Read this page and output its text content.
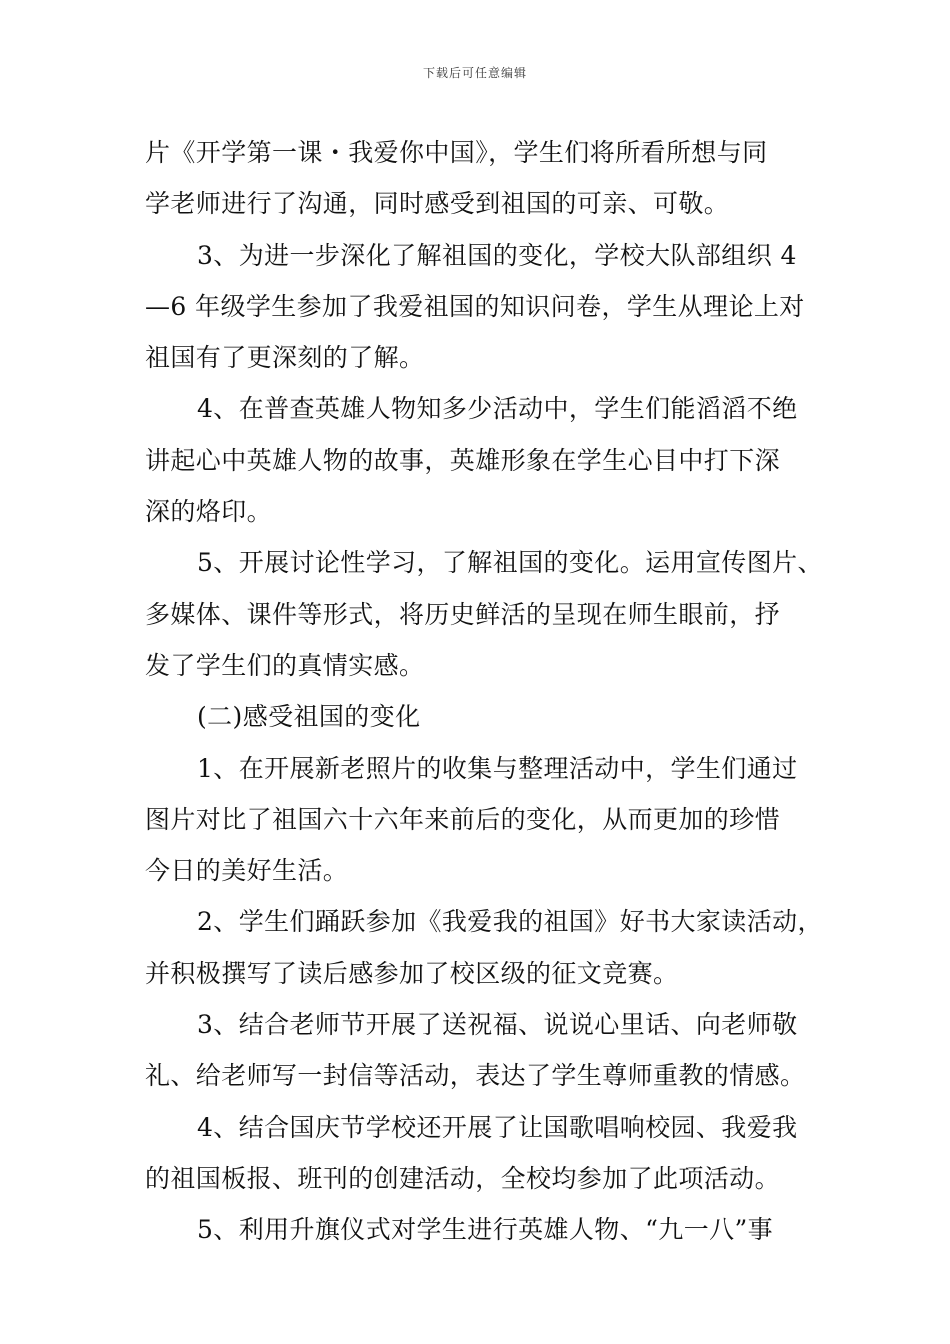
下载后可任意编辑
片《开学第一课・我爱你中国》，学生们将所看所想与同
学老师进行了沟通，同时感受到祖国的可亲、可敬。
3、为进一步深化了解祖国的变化，学校大队部组织 4
—6 年级学生参加了我爱祖国的知识问卷，学生从理论上对
祖国有了更深刻的了解。
4、在普查英雄人物知多少活动中，学生们能滔滔不绝
讲起心中英雄人物的故事，英雄形象在学生心目中打下深
深的烙印。
5、开展讨论性学习，了解祖国的变化。运用宣传图片、
多媒体、课件等形式，将历史鲜活的呈现在师生眼前，抒
发了学生们的真情实感。
(二)感受祖国的变化
1、在开展新老照片的收集与整理活动中，学生们通过
图片对比了祖国六十六年来前后的变化，从而更加的珍惜
今日的美好生活。
2、学生们踊跃参加《我爱我的祖国》好书大家读活动，
并积极撰写了读后感参加了校区级的征文竞赛。
3、结合老师节开展了送祝福、说说心里话、向老师敬
礼、给老师写一封信等活动，表达了学生尊师重教的情感。
4、结合国庆节学校还开展了让国歌唱响校园、我爱我
的祖国板报、班刊的创建活动，全校均参加了此项活动。
5、利用升旗仪式对学生进行英雄人物、“九一八”事
